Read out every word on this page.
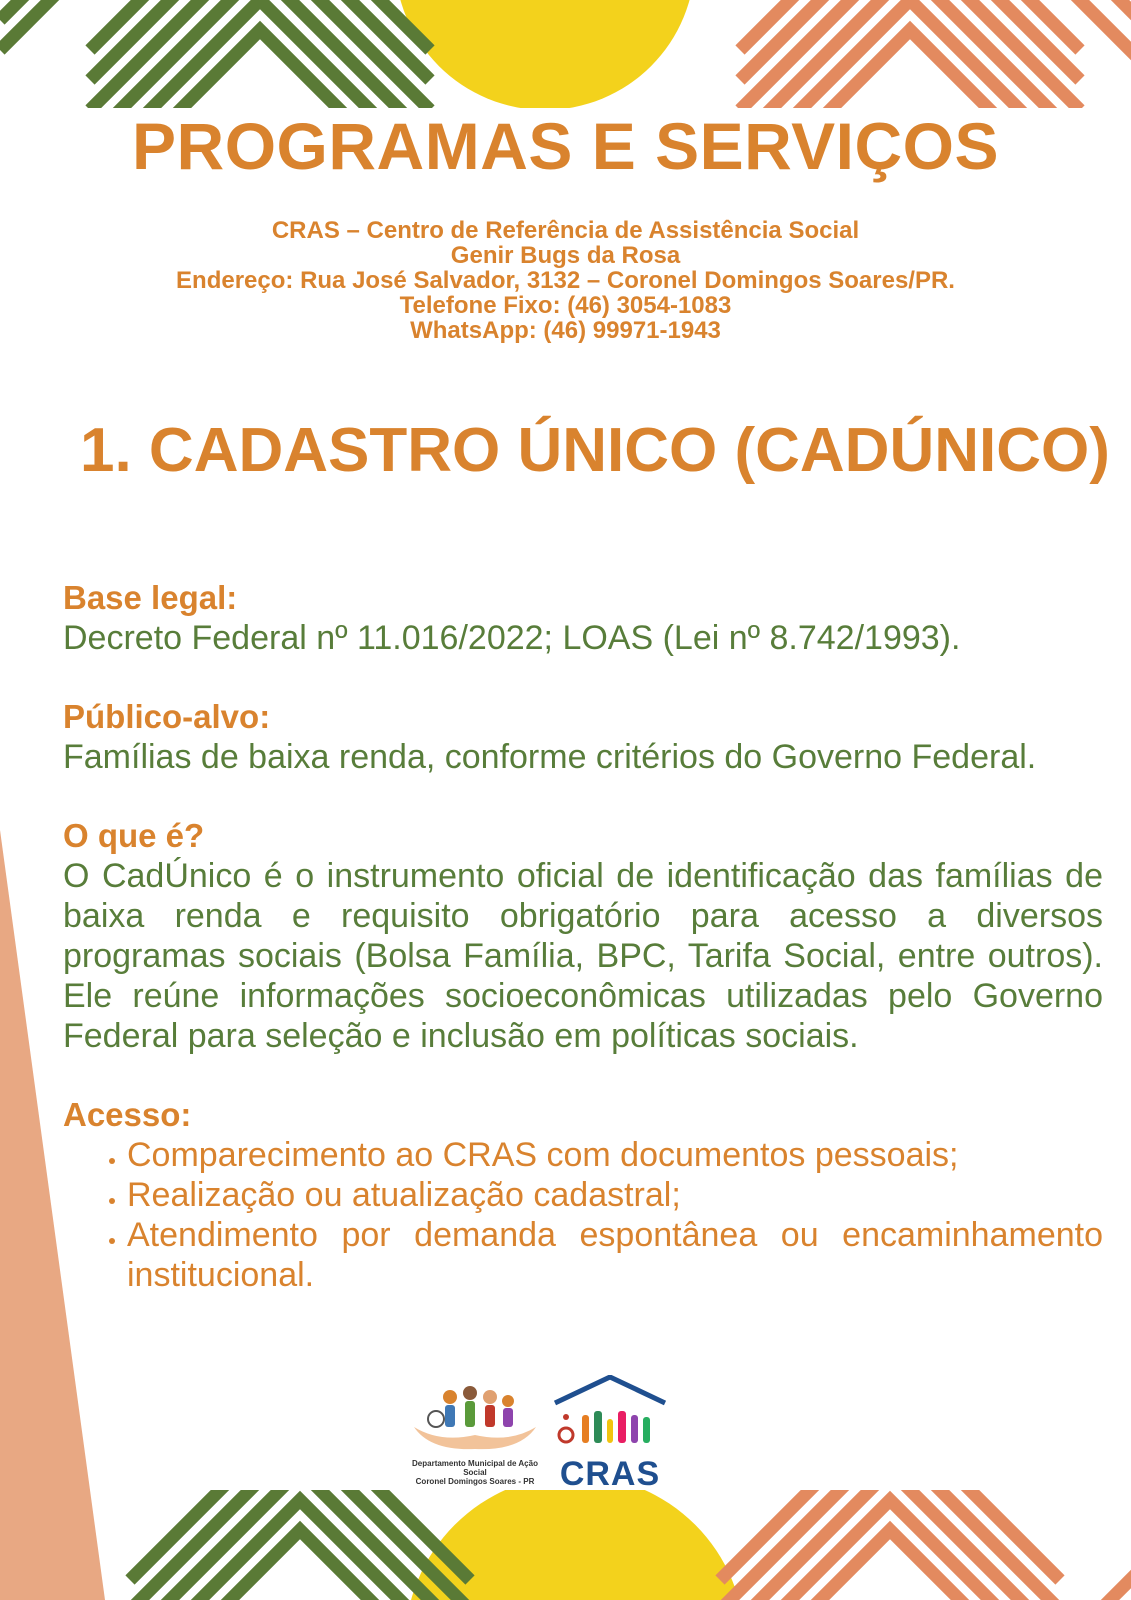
PROGRAMAS E SERVIÇOS
CRAS – Centro de Referência de Assistência Social
Genir Bugs da Rosa
Endereço: Rua José Salvador, 3132 – Coronel Domingos Soares/PR.
Telefone Fixo: (46) 3054-1083
WhatsApp: (46) 99971-1943
1. CADASTRO ÚNICO (CADÚNICO)
Base legal:
Decreto Federal nº 11.016/2022; LOAS (Lei nº 8.742/1993).
Público-alvo:
Famílias de baixa renda, conforme critérios do Governo Federal.
O que é?
O CadÚnico é o instrumento oficial de identificação das famílias de baixa renda e requisito obrigatório para acesso a diversos programas sociais (Bolsa Família, BPC, Tarifa Social, entre outros). Ele reúne informações socioeconômicas utilizadas pelo Governo Federal para seleção e inclusão em políticas sociais.
Acesso:
• Comparecimento ao CRAS com documentos pessoais;
• Realização ou atualização cadastral;
• Atendimento por demanda espontânea ou encaminhamento institucional.
Departamento Municipal de Ação Social
Coronel Domingos Soares - PR CRAS
